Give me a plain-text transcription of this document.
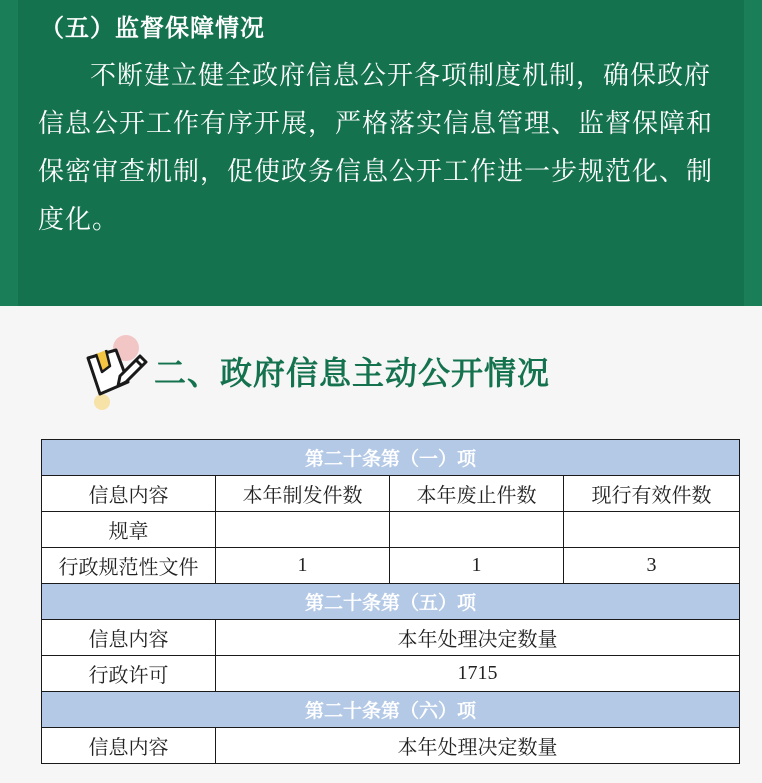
（五）监督保障情况
不断建立健全政府信息公开各项制度机制，确保政府信息公开工作有序开展，严格落实信息管理、监督保障和保密审查机制，促使政务信息公开工作进一步规范化、制度化。
二、政府信息主动公开情况
第二十条第（一）项			
信息内容	本年制发件数	本年废止件数	现行有效件数
规章			
行政规范性文件	1	1	3
第二十条第（五）项			
信息内容	本年处理决定数量		
行政许可	1715		
第二十条第（六）项			
信息内容	本年处理决定数量		
